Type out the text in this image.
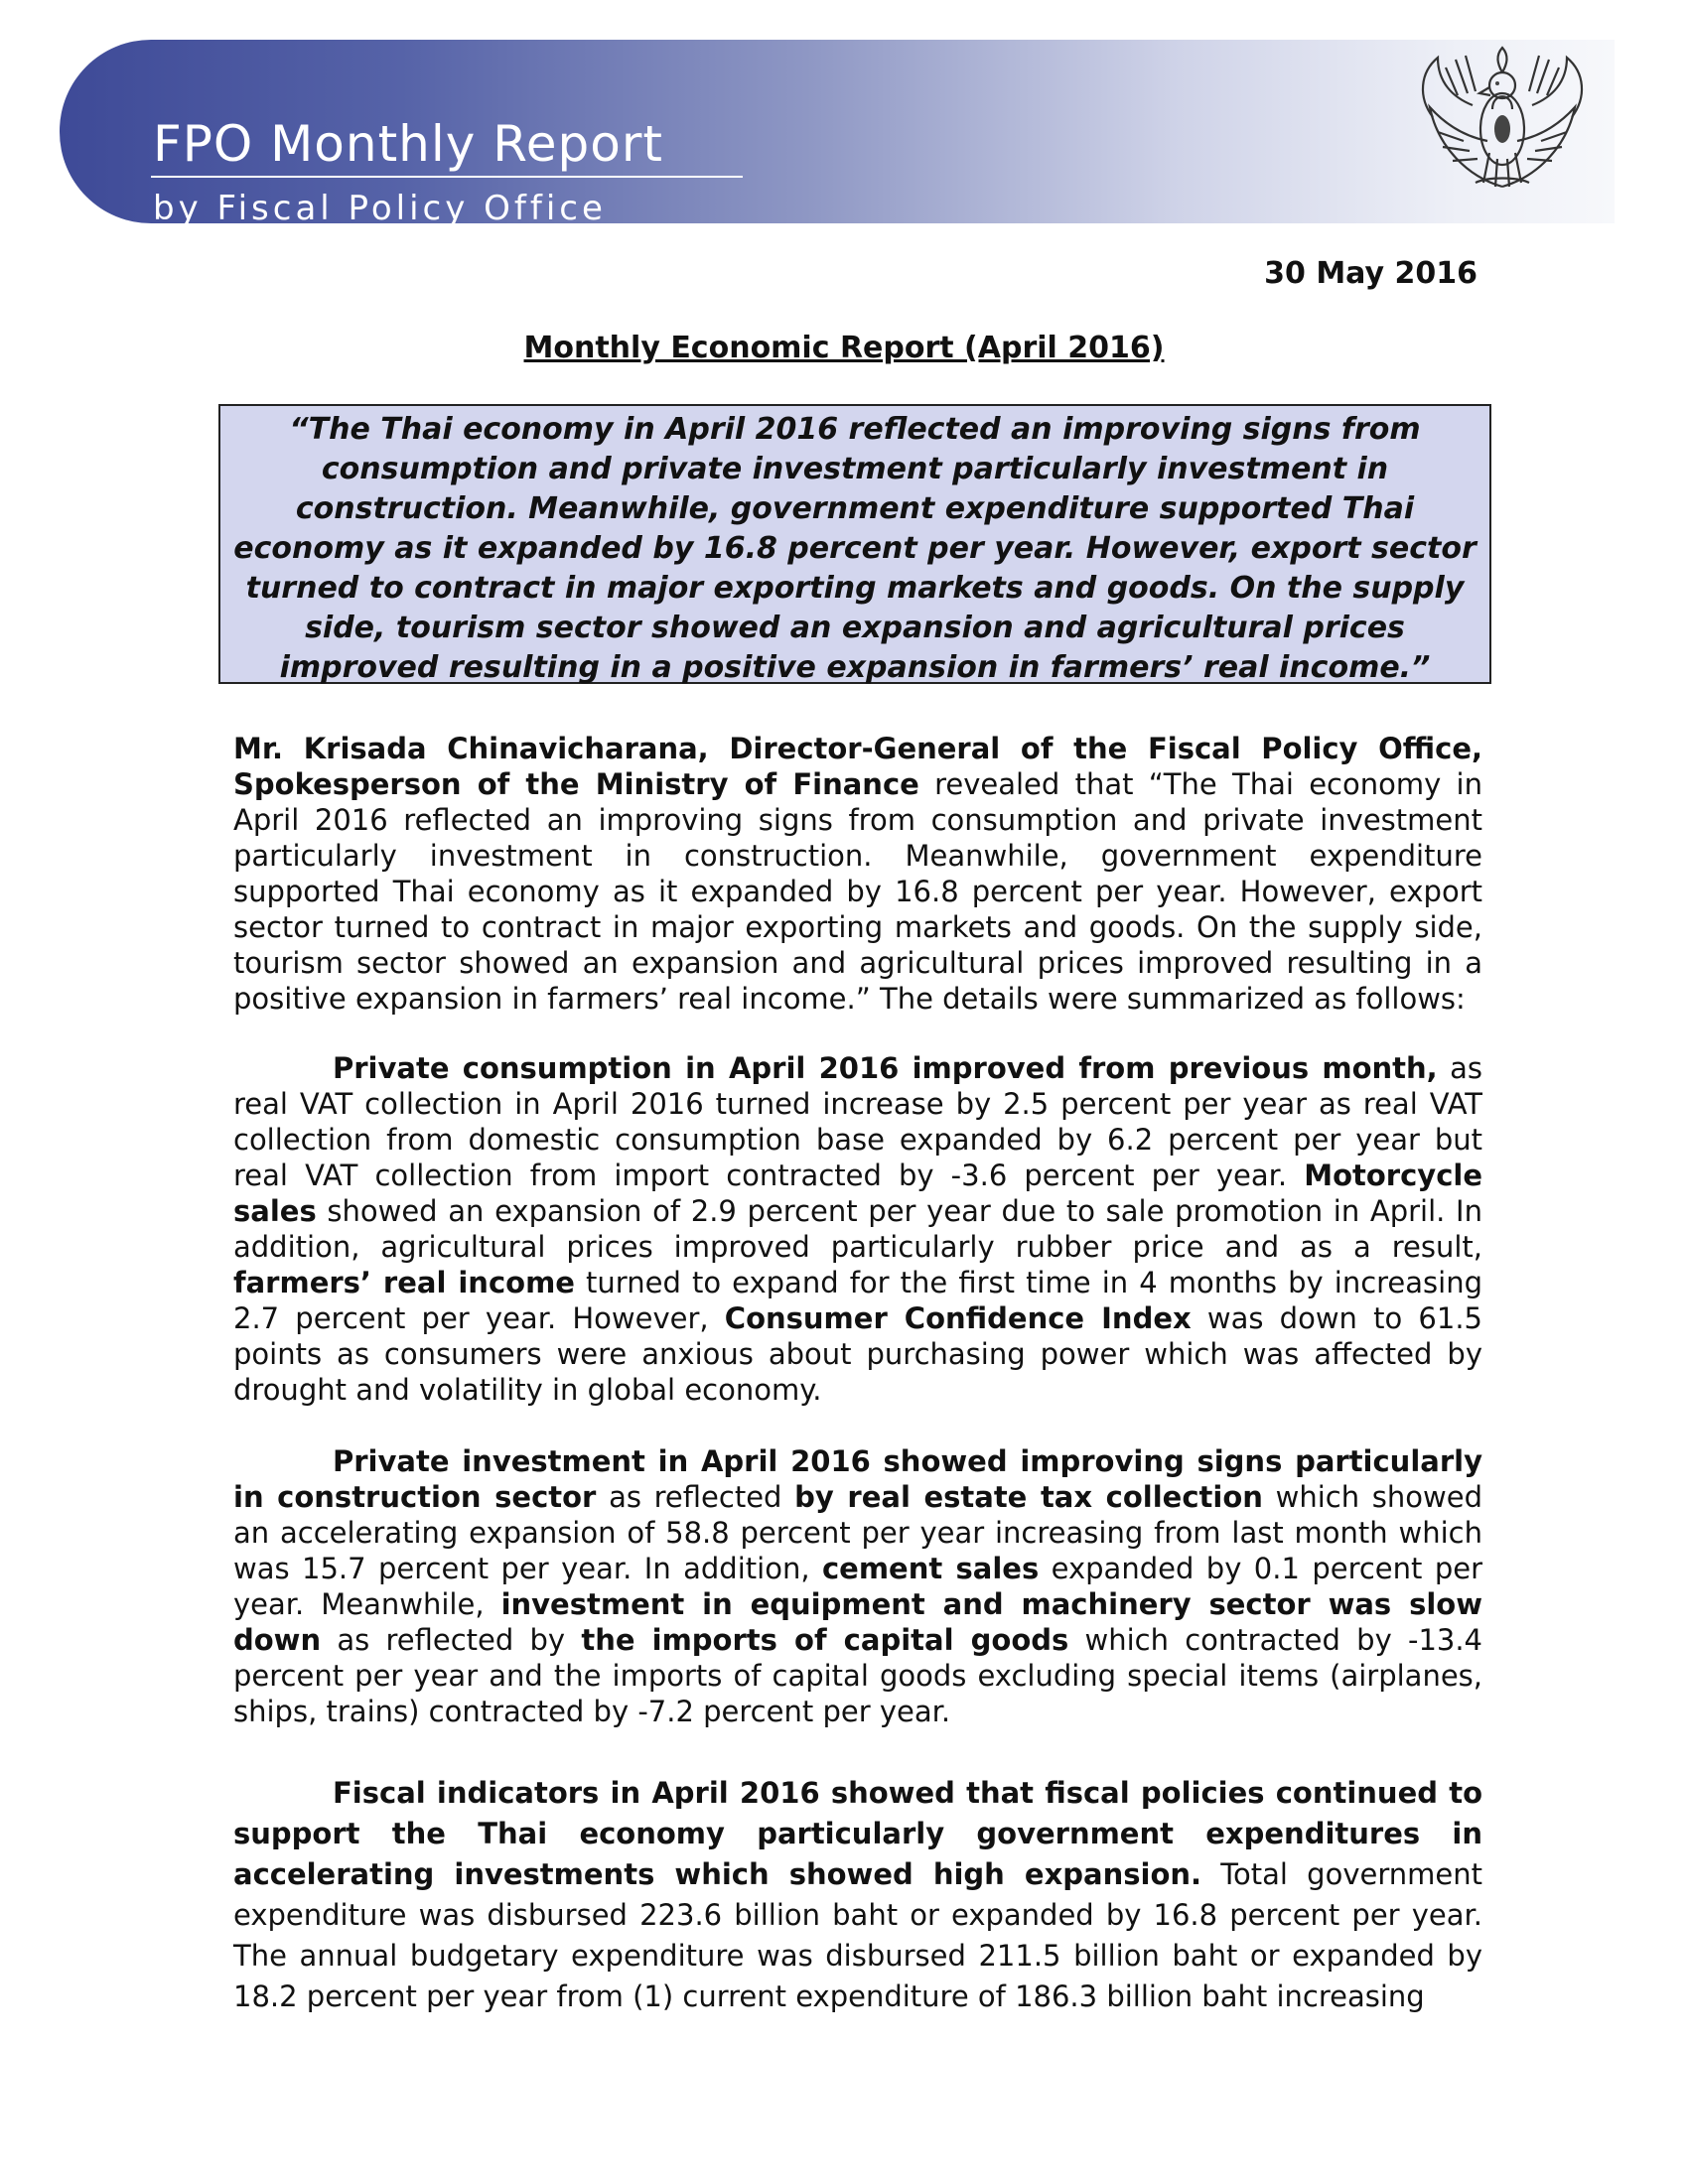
FPO Monthly Report
by Fiscal Policy Office
30 May 2016
Monthly Economic Report (April 2016)
“The Thai economy in April 2016 reflected an improving signs from consumption and private investment particularly investment in construction. Meanwhile, government expenditure supported Thai economy as it expanded by 16.8 percent per year. However, export sector turned to contract in major exporting markets and goods. On the supply side, tourism sector showed an expansion and agricultural prices improved resulting in a positive expansion in farmers’ real income.”
Mr. Krisada Chinavicharana, Director-General of the Fiscal Policy Office, Spokesperson of the Ministry of Finance revealed that “The Thai economy in April 2016 reflected an improving signs from consumption and private investment particularly investment in construction. Meanwhile, government expenditure supported Thai economy as it expanded by 16.8 percent per year. However, export sector turned to contract in major exporting markets and goods. On the supply side, tourism sector showed an expansion and agricultural prices improved resulting in a positive expansion in farmers’ real income.” The details were summarized as follows:
Private consumption in April 2016 improved from previous month, as real VAT collection in April 2016 turned increase by 2.5 percent per year as real VAT collection from domestic consumption base expanded by 6.2 percent per year but real VAT collection from import contracted by -3.6 percent per year. Motorcycle sales showed an expansion of 2.9 percent per year due to sale promotion in April. In addition, agricultural prices improved particularly rubber price and as a result, farmers’ real income turned to expand for the first time in 4 months by increasing 2.7 percent per year. However, Consumer Confidence Index was down to 61.5 points as consumers were anxious about purchasing power which was affected by drought and volatility in global economy.
Private investment in April 2016 showed improving signs particularly in construction sector as reflected by real estate tax collection which showed an accelerating expansion of 58.8 percent per year increasing from last month which was 15.7 percent per year. In addition, cement sales expanded by 0.1 percent per year. Meanwhile, investment in equipment and machinery sector was slow down as reflected by the imports of capital goods which contracted by -13.4 percent per year and the imports of capital goods excluding special items (airplanes, ships, trains) contracted by -7.2 percent per year.
Fiscal indicators in April 2016 showed that fiscal policies continued to support the Thai economy particularly government expenditures in accelerating investments which showed high expansion. Total government expenditure was disbursed 223.6 billion baht or expanded by 16.8 percent per year. The annual budgetary expenditure was disbursed 211.5 billion baht or expanded by 18.2 percent per year from (1) current expenditure of 186.3 billion baht increasing
